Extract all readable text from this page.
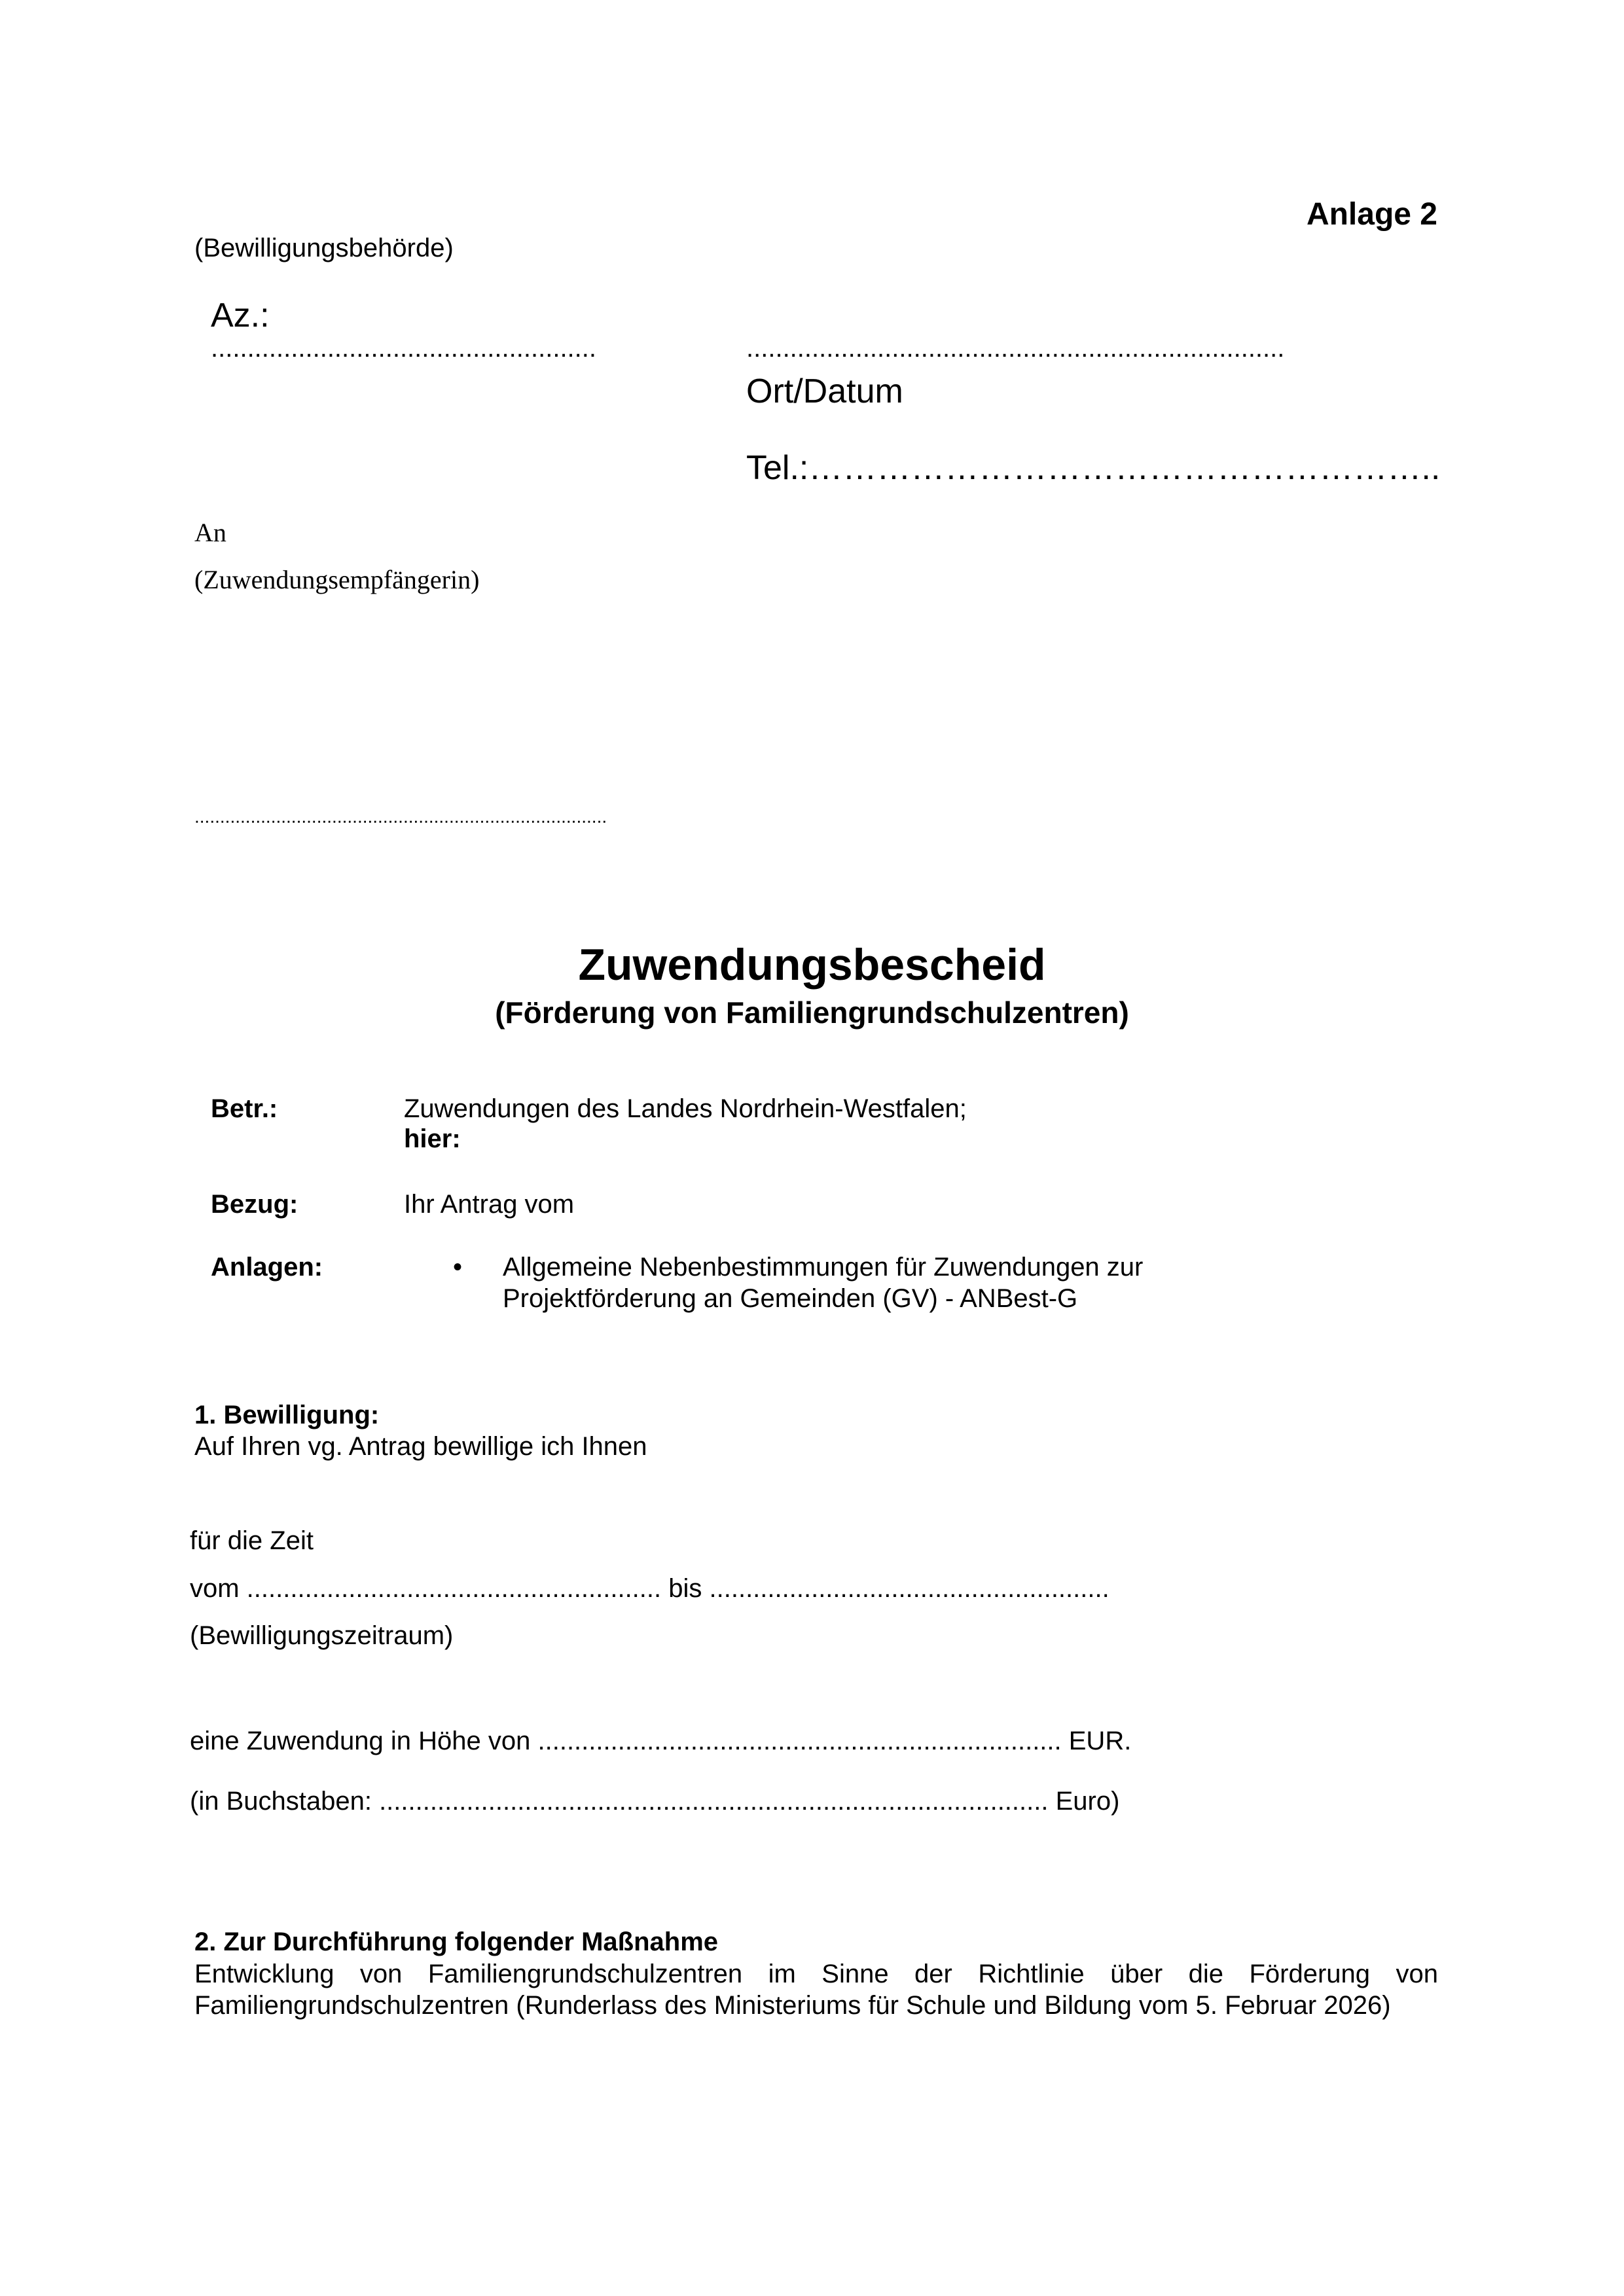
Anlage 2
(Bewilligungsbehörde)
Az.:
.....................................................	..........................................................................
Ort/Datum
Tel.:………………………………………………..
An
(Zuwendungsempfängerin)
.................................................................................
Zuwendungsbescheid
(Förderung von Familiengrundschulzentren)
Betr.:	Zuwendungen des Landes Nordrhein-Westfalen;
hier:
Bezug:	Ihr Antrag vom
Anlagen:	• Allgemeine Nebenbestimmungen für Zuwendungen zur
Projektförderung an Gemeinden (GV) - ANBest-G
1. Bewilligung:
Auf Ihren vg. Antrag bewillige ich Ihnen
für die Zeit
vom ......................................................... bis .......................................................
(Bewilligungszeitraum)
eine Zuwendung in Höhe von ........................................................................ EUR.
(in Buchstaben: ............................................................................................ Euro)
2. Zur Durchführung folgender Maßnahme
Entwicklung von Familiengrundschulzentren im Sinne der Richtlinie über die Förderung von Familiengrundschulzentren (Runderlass des Ministeriums für Schule und Bildung vom 5. Februar 2026)
